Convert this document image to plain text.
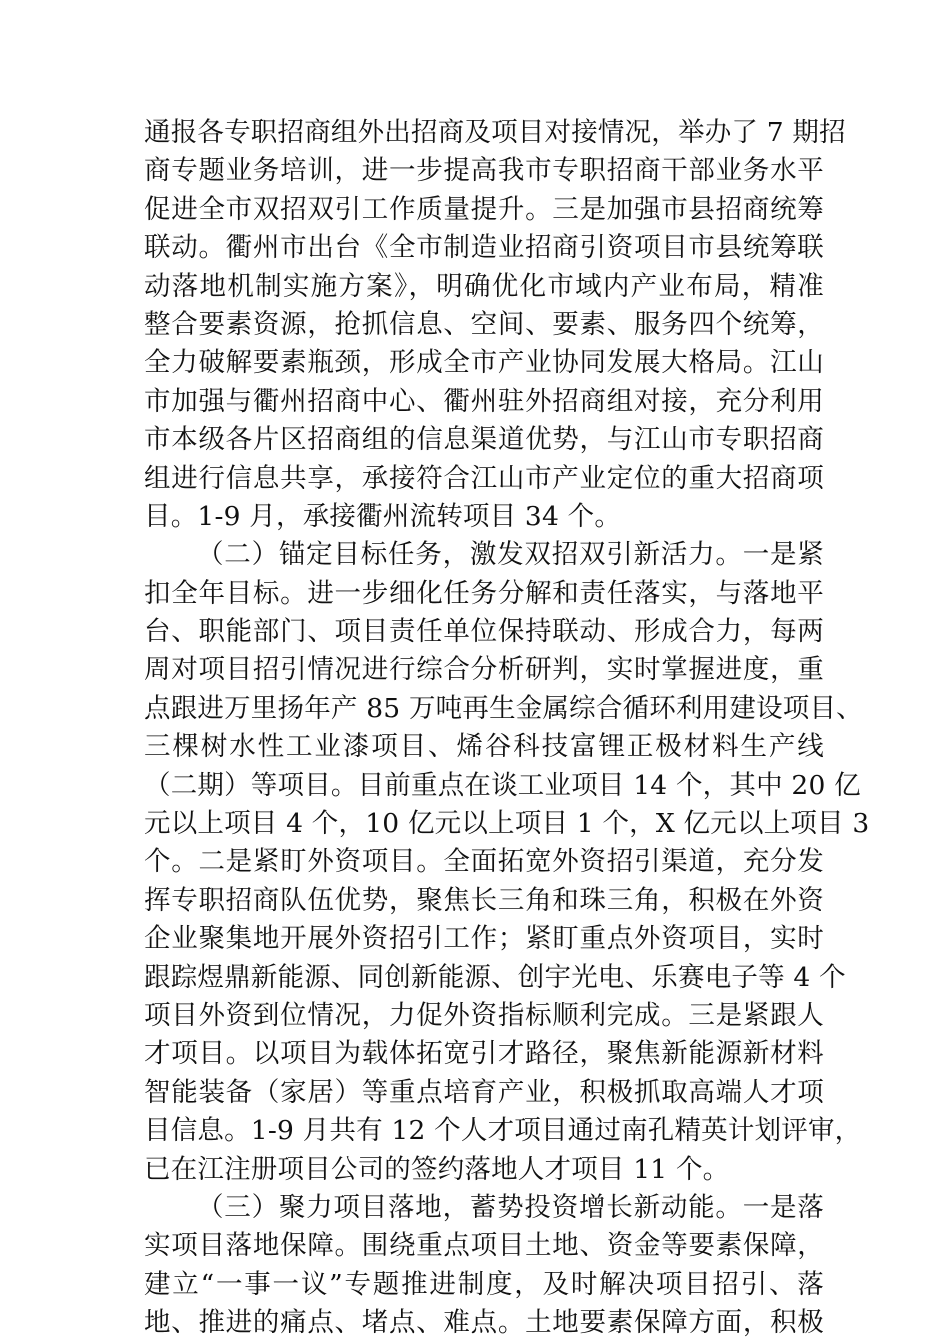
通报各专职招商组外出招商及项目对接情况，举办了 7 期招
商专题业务培训，进一步提高我市专职招商干部业务水平
促进全市双招双引工作质量提升。三是加强市县招商统筹
联动。衢州市出台《全市制造业招商引资项目市县统筹联
动落地机制实施方案》，明确优化市域内产业布局，精准
整合要素资源，抢抓信息、空间、要素、服务四个统筹，
全力破解要素瓶颈，形成全市产业协同发展大格局。江山
市加强与衢州招商中心、衢州驻外招商组对接，充分利用
市本级各片区招商组的信息渠道优势，与江山市专职招商
组进行信息共享，承接符合江山市产业定位的重大招商项
目。1-9 月，承接衢州流转项目 34 个。
（二）锚定目标任务，激发双招双引新活力。一是紧
扣全年目标。进一步细化任务分解和责任落实，与落地平
台、职能部门、项目责任单位保持联动、形成合力，每两
周对项目招引情况进行综合分析研判，实时掌握进度，重
点跟进万里扬年产 85 万吨再生金属综合循环利用建设项目、
三棵树水性工业漆项目、烯谷科技富锂正极材料生产线
（二期）等项目。目前重点在谈工业项目 14 个，其中 20 亿
元以上项目 4 个，10 亿元以上项目 1 个，X 亿元以上项目 3
个。二是紧盯外资项目。全面拓宽外资招引渠道，充分发
挥专职招商队伍优势，聚焦长三角和珠三角，积极在外资
企业聚集地开展外资招引工作；紧盯重点外资项目，实时
跟踪煜鼎新能源、同创新能源、创宇光电、乐赛电子等 4 个
项目外资到位情况，力促外资指标顺利完成。三是紧跟人
才项目。以项目为载体拓宽引才路径，聚焦新能源新材料
智能装备（家居）等重点培育产业，积极抓取高端人才项
目信息。1-9 月共有 12 个人才项目通过南孔精英计划评审，
已在江注册项目公司的签约落地人才项目 11 个。
（三）聚力项目落地，蓄势投资增长新动能。一是落
实项目落地保障。围绕重点项目土地、资金等要素保障，
建立“一事一议”专题推进制度，及时解决项目招引、落
地、推进的痛点、堵点、难点。土地要素保障方面，积极
